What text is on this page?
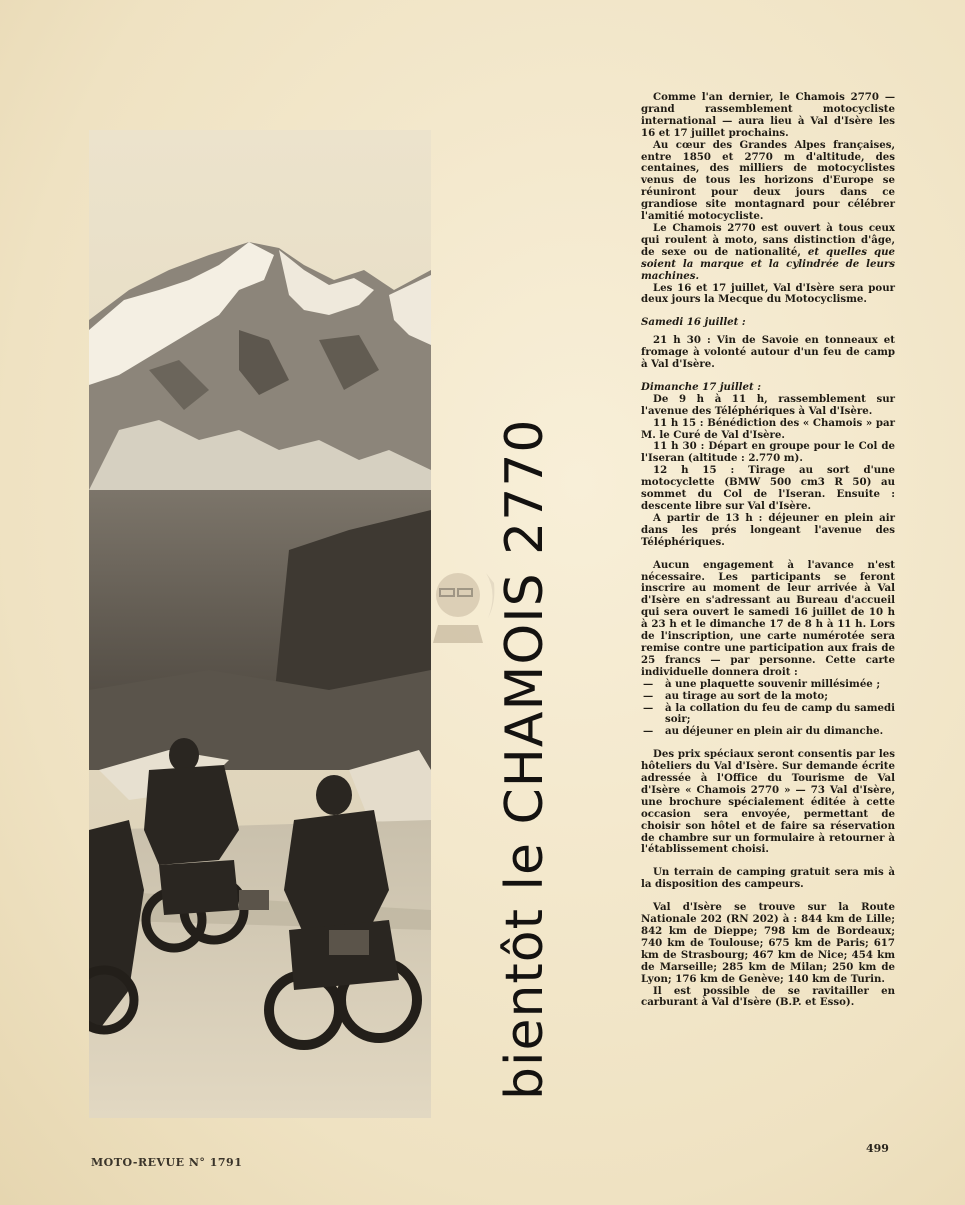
bientôt le CHAMOIS 2770

Comme l'an dernier, le Chamois 2770 — grand rassemblement motocycliste international — aura lieu à Val d'Isère les 16 et 17 juillet prochains.

Au cœur des Grandes Alpes françaises, entre 1850 et 2770 m d'altitude, des centaines, des milliers de motocyclistes venus de tous les horizons d'Europe se réuniront pour deux jours dans ce grandiose site montagnard pour célébrer l'amitié motocycliste.

Le Chamois 2770 est ouvert à tous ceux qui roulent à moto, sans distinction d'âge, de sexe ou de nationalité, et quelles que soient la marque et la cylindrée de leurs machines.

Les 16 et 17 juillet, Val d'Isère sera pour deux jours la Mecque du Motocyclisme.

Samedi 16 juillet :

21 h 30 : Vin de Savoie en tonneaux et fromage à volonté autour d'un feu de camp à Val d'Isère.

Dimanche 17 juillet :

De 9 h à 11 h, rassemblement sur l'avenue des Téléphériques à Val d'Isère.

11 h 15 : Bénédiction des « Chamois » par M. le Curé de Val d'Isère.

11 h 30 : Départ en groupe pour le Col de l'Iseran (altitude : 2.770 m).

12 h 15 : Tirage au sort d'une motocyclette (BMW 500 cm3 R 50) au sommet du Col de l'Iseran. Ensuite : descente libre sur Val d'Isère.

A partir de 13 h : déjeuner en plein air dans les prés longeant l'avenue des Téléphériques.

Aucun engagement à l'avance n'est nécessaire. Les participants se feront inscrire au moment de leur arrivée à Val d'Isère en s'adressant au Bureau d'accueil qui sera ouvert le samedi 16 juillet de 10 h à 23 h et le dimanche 17 de 8 h à 11 h. Lors de l'inscription, une carte numérotée sera remise contre une participation aux frais de 25 francs — par personne. Cette carte individuelle donnera droit :

— à une plaquette souvenir millésimée ;
— au tirage au sort de la moto;
— à la collation du feu de camp du samedi soir;
— au déjeuner en plein air du dimanche.

Des prix spéciaux seront consentis par les hôteliers du Val d'Isère. Sur demande écrite adressée à l'Office du Tourisme de Val d'Isère « Chamois 2770 » — 73 Val d'Isère, une brochure spécialement éditée à cette occasion sera envoyée, permettant de choisir son hôtel et de faire sa réservation de chambre sur un formulaire à retourner à l'établissement choisi.

Un terrain de camping gratuit sera mis à la disposition des campeurs.

Val d'Isère se trouve sur la Route Nationale 202 (RN 202) à : 844 km de Lille; 842 km de Dieppe; 798 km de Bordeaux; 740 km de Toulouse; 675 km de Paris; 617 km de Strasbourg; 467 km de Nice; 454 km de Marseille; 285 km de Milan; 250 km de Lyon; 176 km de Genève; 140 km de Turin.

Il est possible de se ravitailler en carburant à Val d'Isère (B.P. et Esso).

MOTO-REVUE N° 1791
499
